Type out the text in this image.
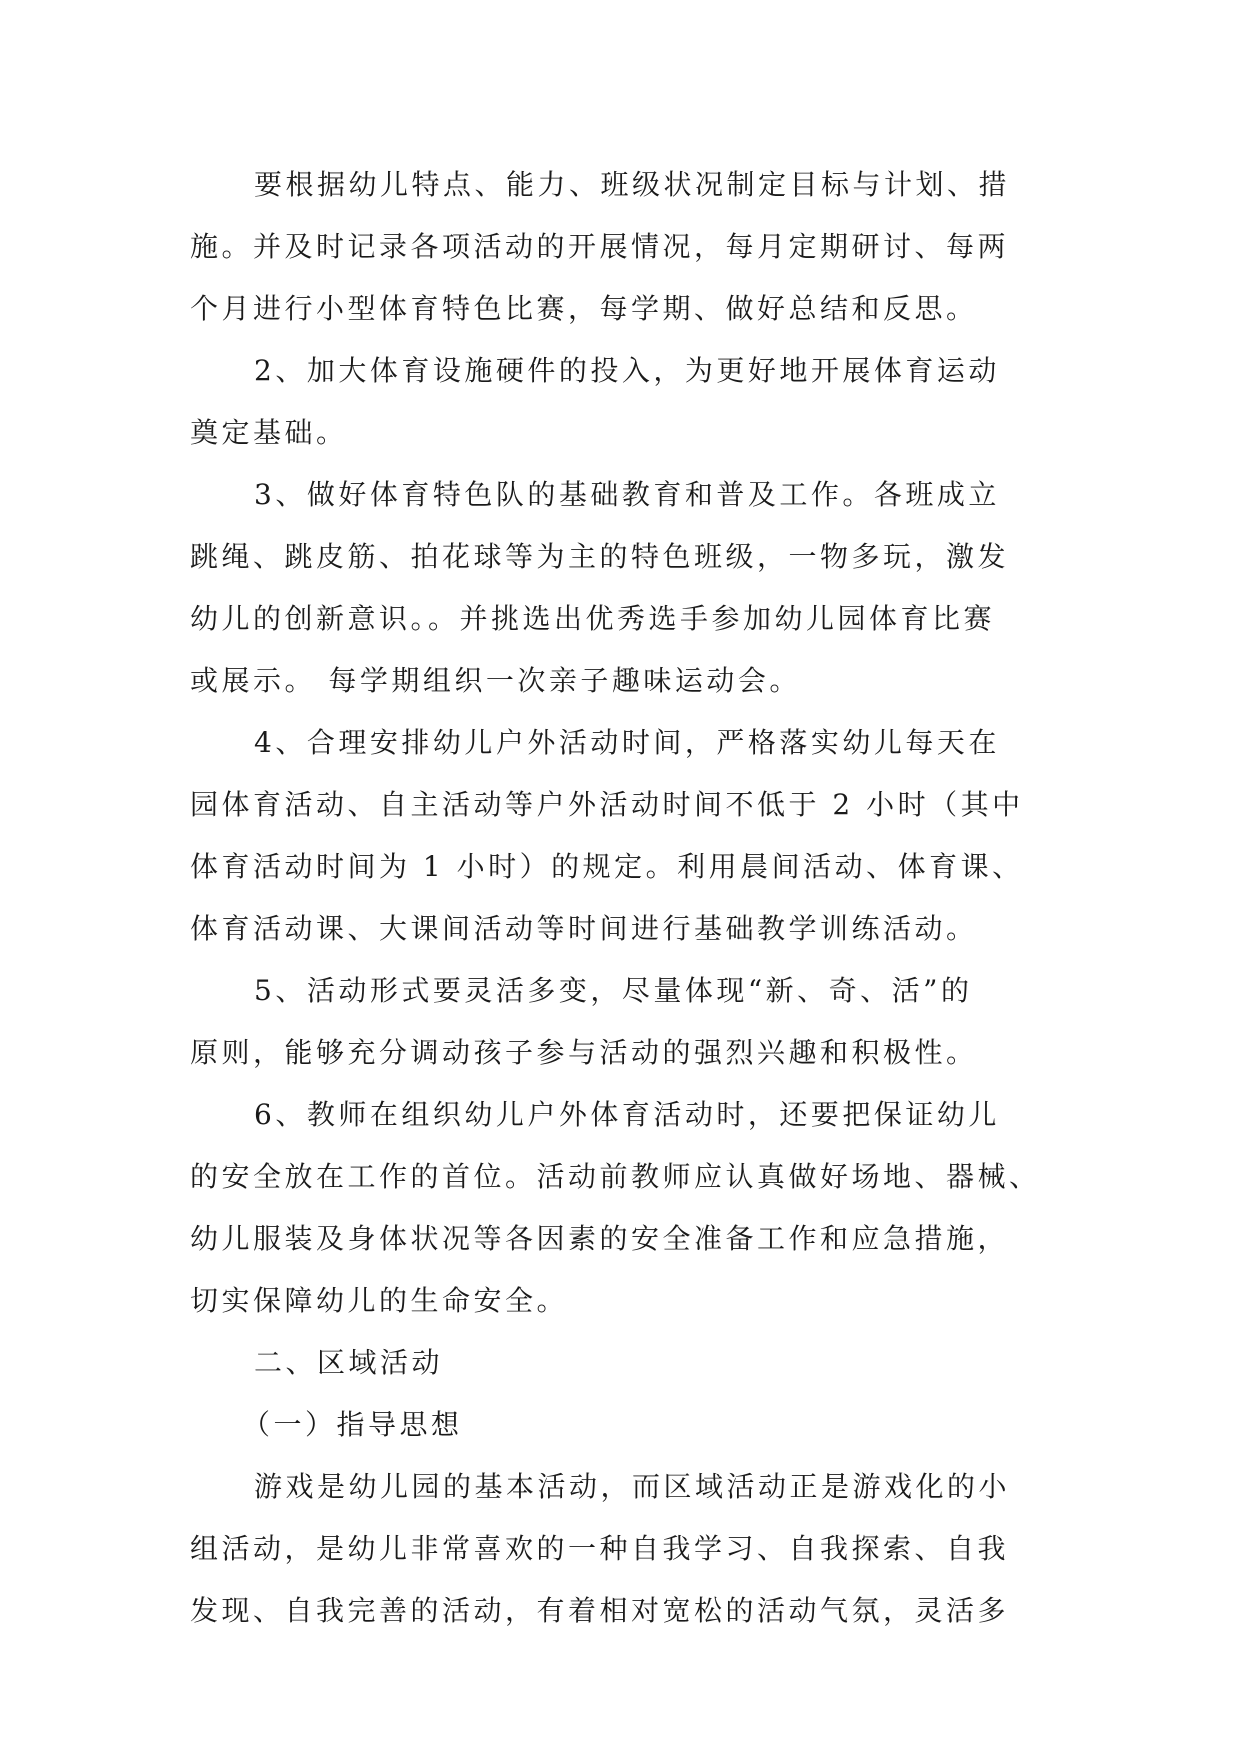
要根据幼儿特点、能力、班级状况制定目标与计划、措
施。并及时记录各项活动的开展情况，每月定期研讨、每两
个月进行小型体育特色比赛，每学期、做好总结和反思。
2、加大体育设施硬件的投入，为更好地开展体育运动
奠定基础。
3、做好体育特色队的基础教育和普及工作。各班成立
跳绳、跳皮筋、拍花球等为主的特色班级，一物多玩，激发
幼儿的创新意识。。并挑选出优秀选手参加幼儿园体育比赛
或展示。 每学期组织一次亲子趣味运动会。
4、合理安排幼儿户外活动时间，严格落实幼儿每天在
园体育活动、自主活动等户外活动时间不低于 2 小时（其中
体育活动时间为 1 小时）的规定。利用晨间活动、体育课、
体育活动课、大课间活动等时间进行基础教学训练活动。
5、活动形式要灵活多变，尽量体现“新、奇、活”的
原则，能够充分调动孩子参与活动的强烈兴趣和积极性。
6、教师在组织幼儿户外体育活动时，还要把保证幼儿
的安全放在工作的首位。活动前教师应认真做好场地、器械、
幼儿服装及身体状况等各因素的安全准备工作和应急措施，
切实保障幼儿的生命安全。
二、区域活动
（一）指导思想
游戏是幼儿园的基本活动，而区域活动正是游戏化的小
组活动，是幼儿非常喜欢的一种自我学习、自我探索、自我
发现、自我完善的活动，有着相对宽松的活动气氛，灵活多
